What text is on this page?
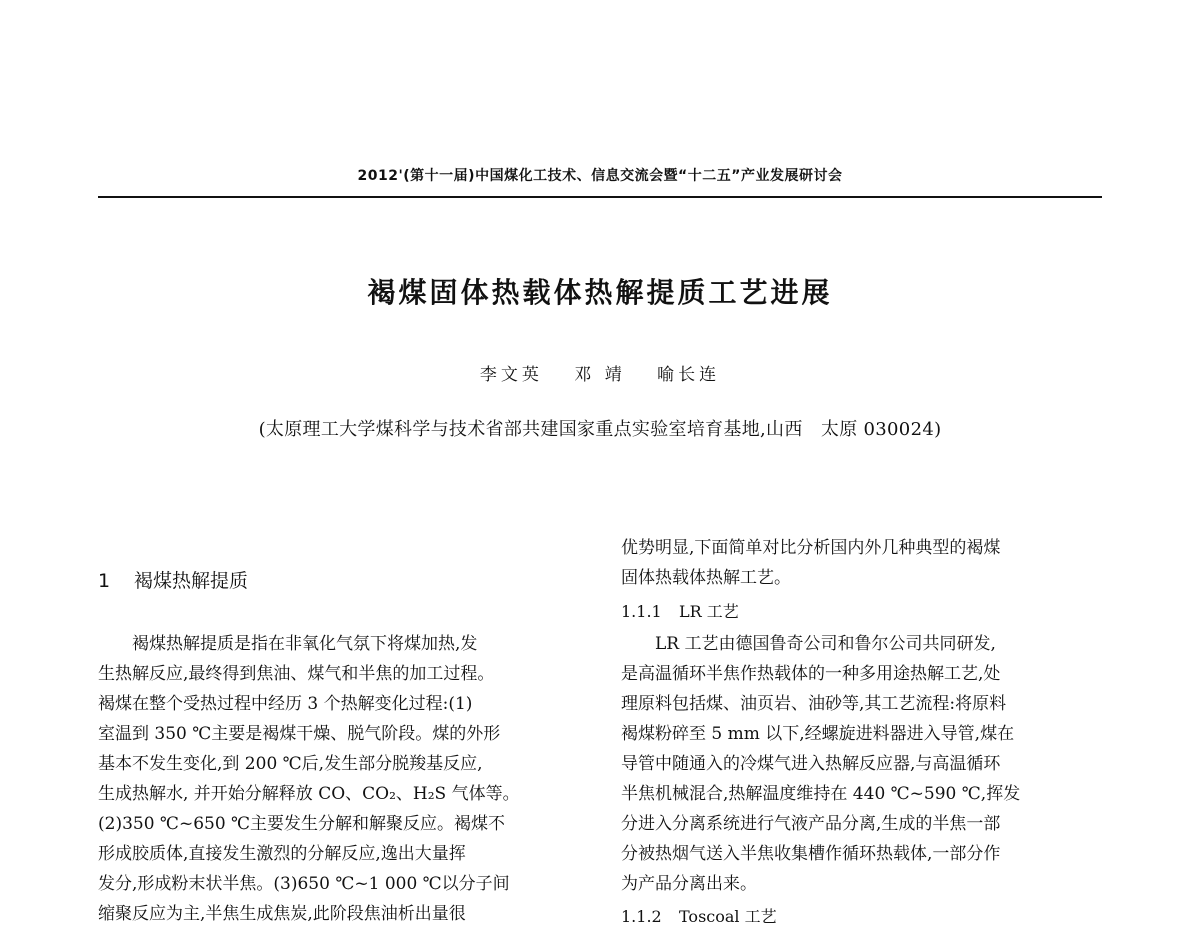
2012'(第十一届)中国煤化工技术、信息交流会暨“十二五”产业发展研讨会
褐煤固体热载体热解提质工艺进展
李文英 邓 靖 喻长连
(太原理工大学煤科学与技术省部共建国家重点实验室培育基地,山西　太原 030024)
1 褐煤热解提质
　　褐煤热解提质是指在非氧化气氛下将煤加热,发
生热解反应,最终得到焦油、煤气和半焦的加工过程。
褐煤在整个受热过程中经历 3 个热解变化过程:(1)
室温到 350 ℃主要是褐煤干燥、脱气阶段。煤的外形
基本不发生变化,到 200 ℃后,发生部分脱羧基反应,
生成热解水, 并开始分解释放 CO、CO₂、H₂S 气体等。
(2)350 ℃~650 ℃主要发生分解和解聚反应。褐煤不
形成胶质体,直接发生激烈的分解反应,逸出大量挥
发分,形成粉末状半焦。(3)650 ℃~1 000 ℃以分子间
缩聚反应为主,半焦生成焦炭,此阶段焦油析出量很
优势明显,下面简单对比分析国内外几种典型的褐煤
固体热载体热解工艺。
1.1.1 LR 工艺
　　LR 工艺由德国鲁奇公司和鲁尔公司共同研发,
是高温循环半焦作热载体的一种多用途热解工艺,处
理原料包括煤、油页岩、油砂等,其工艺流程:将原料
褐煤粉碎至 5 mm 以下,经螺旋进料器进入导管,煤在
导管中随通入的冷煤气进入热解反应器,与高温循环
半焦机械混合,热解温度维持在 440 ℃~590 ℃,挥发
分进入分离系统进行气液产品分离,生成的半焦一部
分被热烟气送入半焦收集槽作循环热载体,一部分作
为产品分离出来。
1.1.2 Toscoal 工艺
